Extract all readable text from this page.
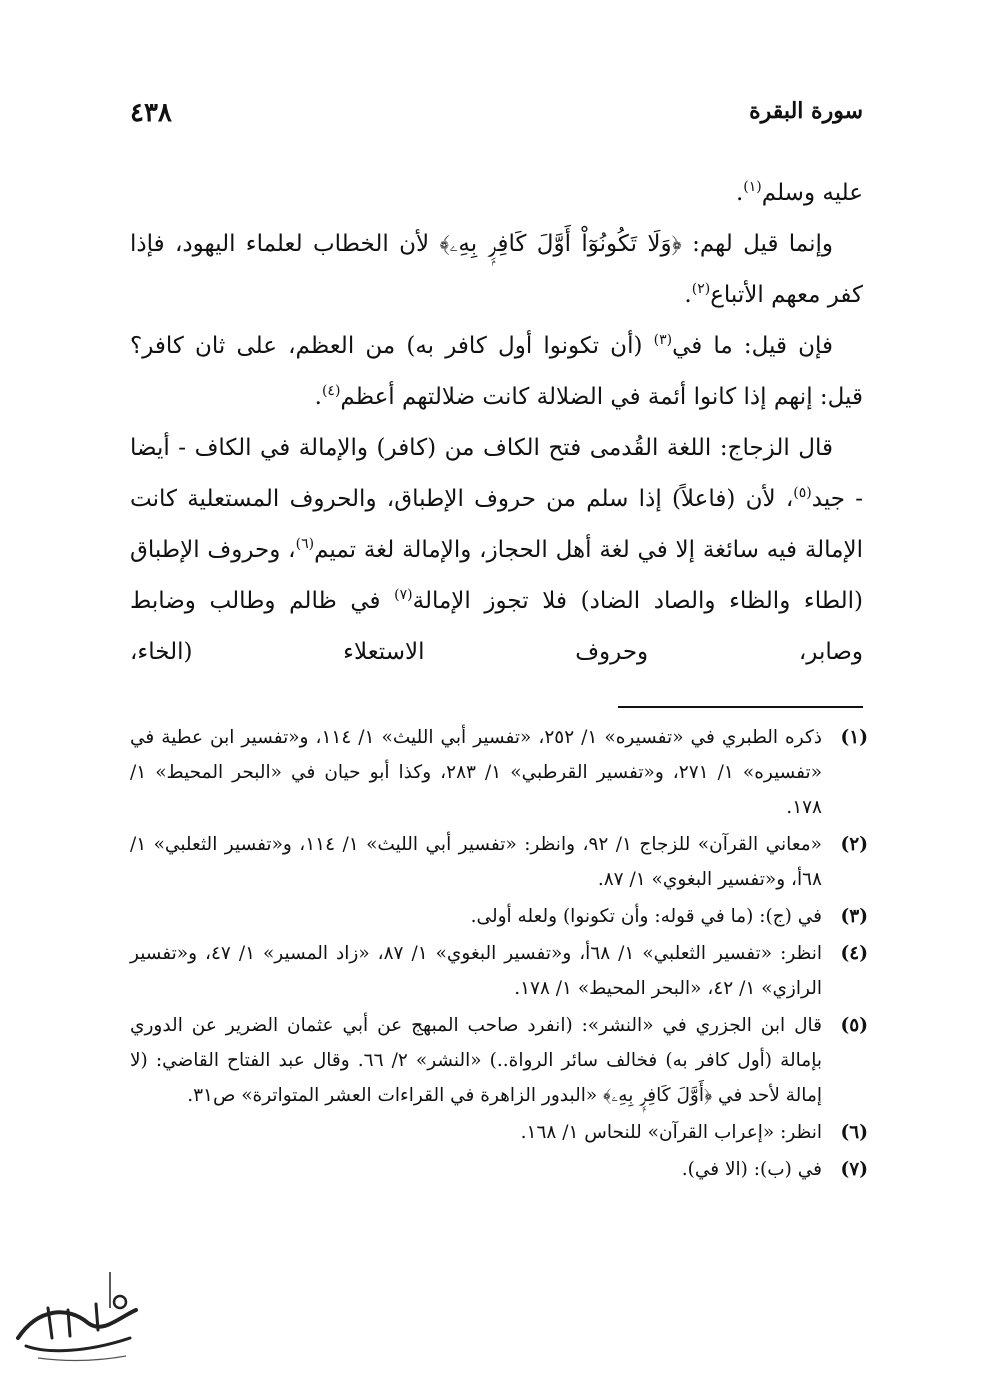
سورة البقرة
٤٣٨

عليه وسلم$^{(١)}$.

وإنما قيل لهم: ﴿وَلَا تَكُونُوٓاْ أَوَّلَ كَافِرِۭ بِهِۦ﴾ لأن الخطاب لعلماء اليهود، فإذا كفر معهم الأتباع$^{(٢)}$.

فإن قيل: ما في$^{(٣)}$ (أن تكونوا أول كافر به) من العظم، على ثان كافر؟ قيل: إنهم إذا كانوا أئمة في الضلالة كانت ضلالتهم أعظم$^{(٤)}$.

قال الزجاج: اللغة القُدمى فتح الكاف من (كافر) والإمالة في الكاف - أيضا - جيد$^{(٥)}$، لأن (فاعلاً) إذا سلم من حروف الإطباق، والحروف المستعلية كانت الإمالة فيه سائغة إلا في لغة أهل الحجاز، والإمالة لغة تميم$^{(٦)}$، وحروف الإطباق (الطاء والظاء والصاد الضاد) فلا تجوز الإمالة$^{(٧)}$ في ظالم وطالب وضابط وصابر، وحروف الاستعلاء (الخاء،

(١)
ذكره الطبري في «تفسيره» ١/ ٢٥٢، «تفسير أبي الليث» ١/ ١١٤، و«تفسير ابن عطية في «تفسيره» ١/ ٢٧١، و«تفسير القرطبي» ١/ ٢٨٣، وكذا أبو حيان في «البحر المحيط» ١/ ١٧٨.
(٢)
«معاني القرآن» للزجاج ١/ ٩٢، وانظر: «تفسير أبي الليث» ١/ ١١٤، و«تفسير الثعلبي» ١/ ٦٨أ، و«تفسير البغوي» ١/ ٨٧.
(٣)
في (ج): (ما في قوله: وأن تكونوا) ولعله أولى.
(٤)
انظر: «تفسير الثعلبي» ١/ ٦٨أ، و«تفسير البغوي» ١/ ٨٧، «زاد المسير» ١/ ٤٧، و«تفسير الرازي» ١/ ٤٢، «البحر المحيط» ١/ ١٧٨.
(٥)
قال ابن الجزري في «النشر»: (انفرد صاحب المبهج عن أبي عثمان الضرير عن الدوري بإمالة (أول كافر به) فخالف سائر الرواة..) «النشر» ٢/ ٦٦. وقال عبد الفتاح القاضي: (لا إمالة لأحد في ﴿أَوَّلَ كَافِرِۭ بِهِۦ﴾ «البدور الزاهرة في القراءات العشر المتواترة» ص٣١.
(٦)
انظر: «إعراب القرآن» للنحاس ١/ ١٦٨.
(٧)
في (ب): (الا في).
